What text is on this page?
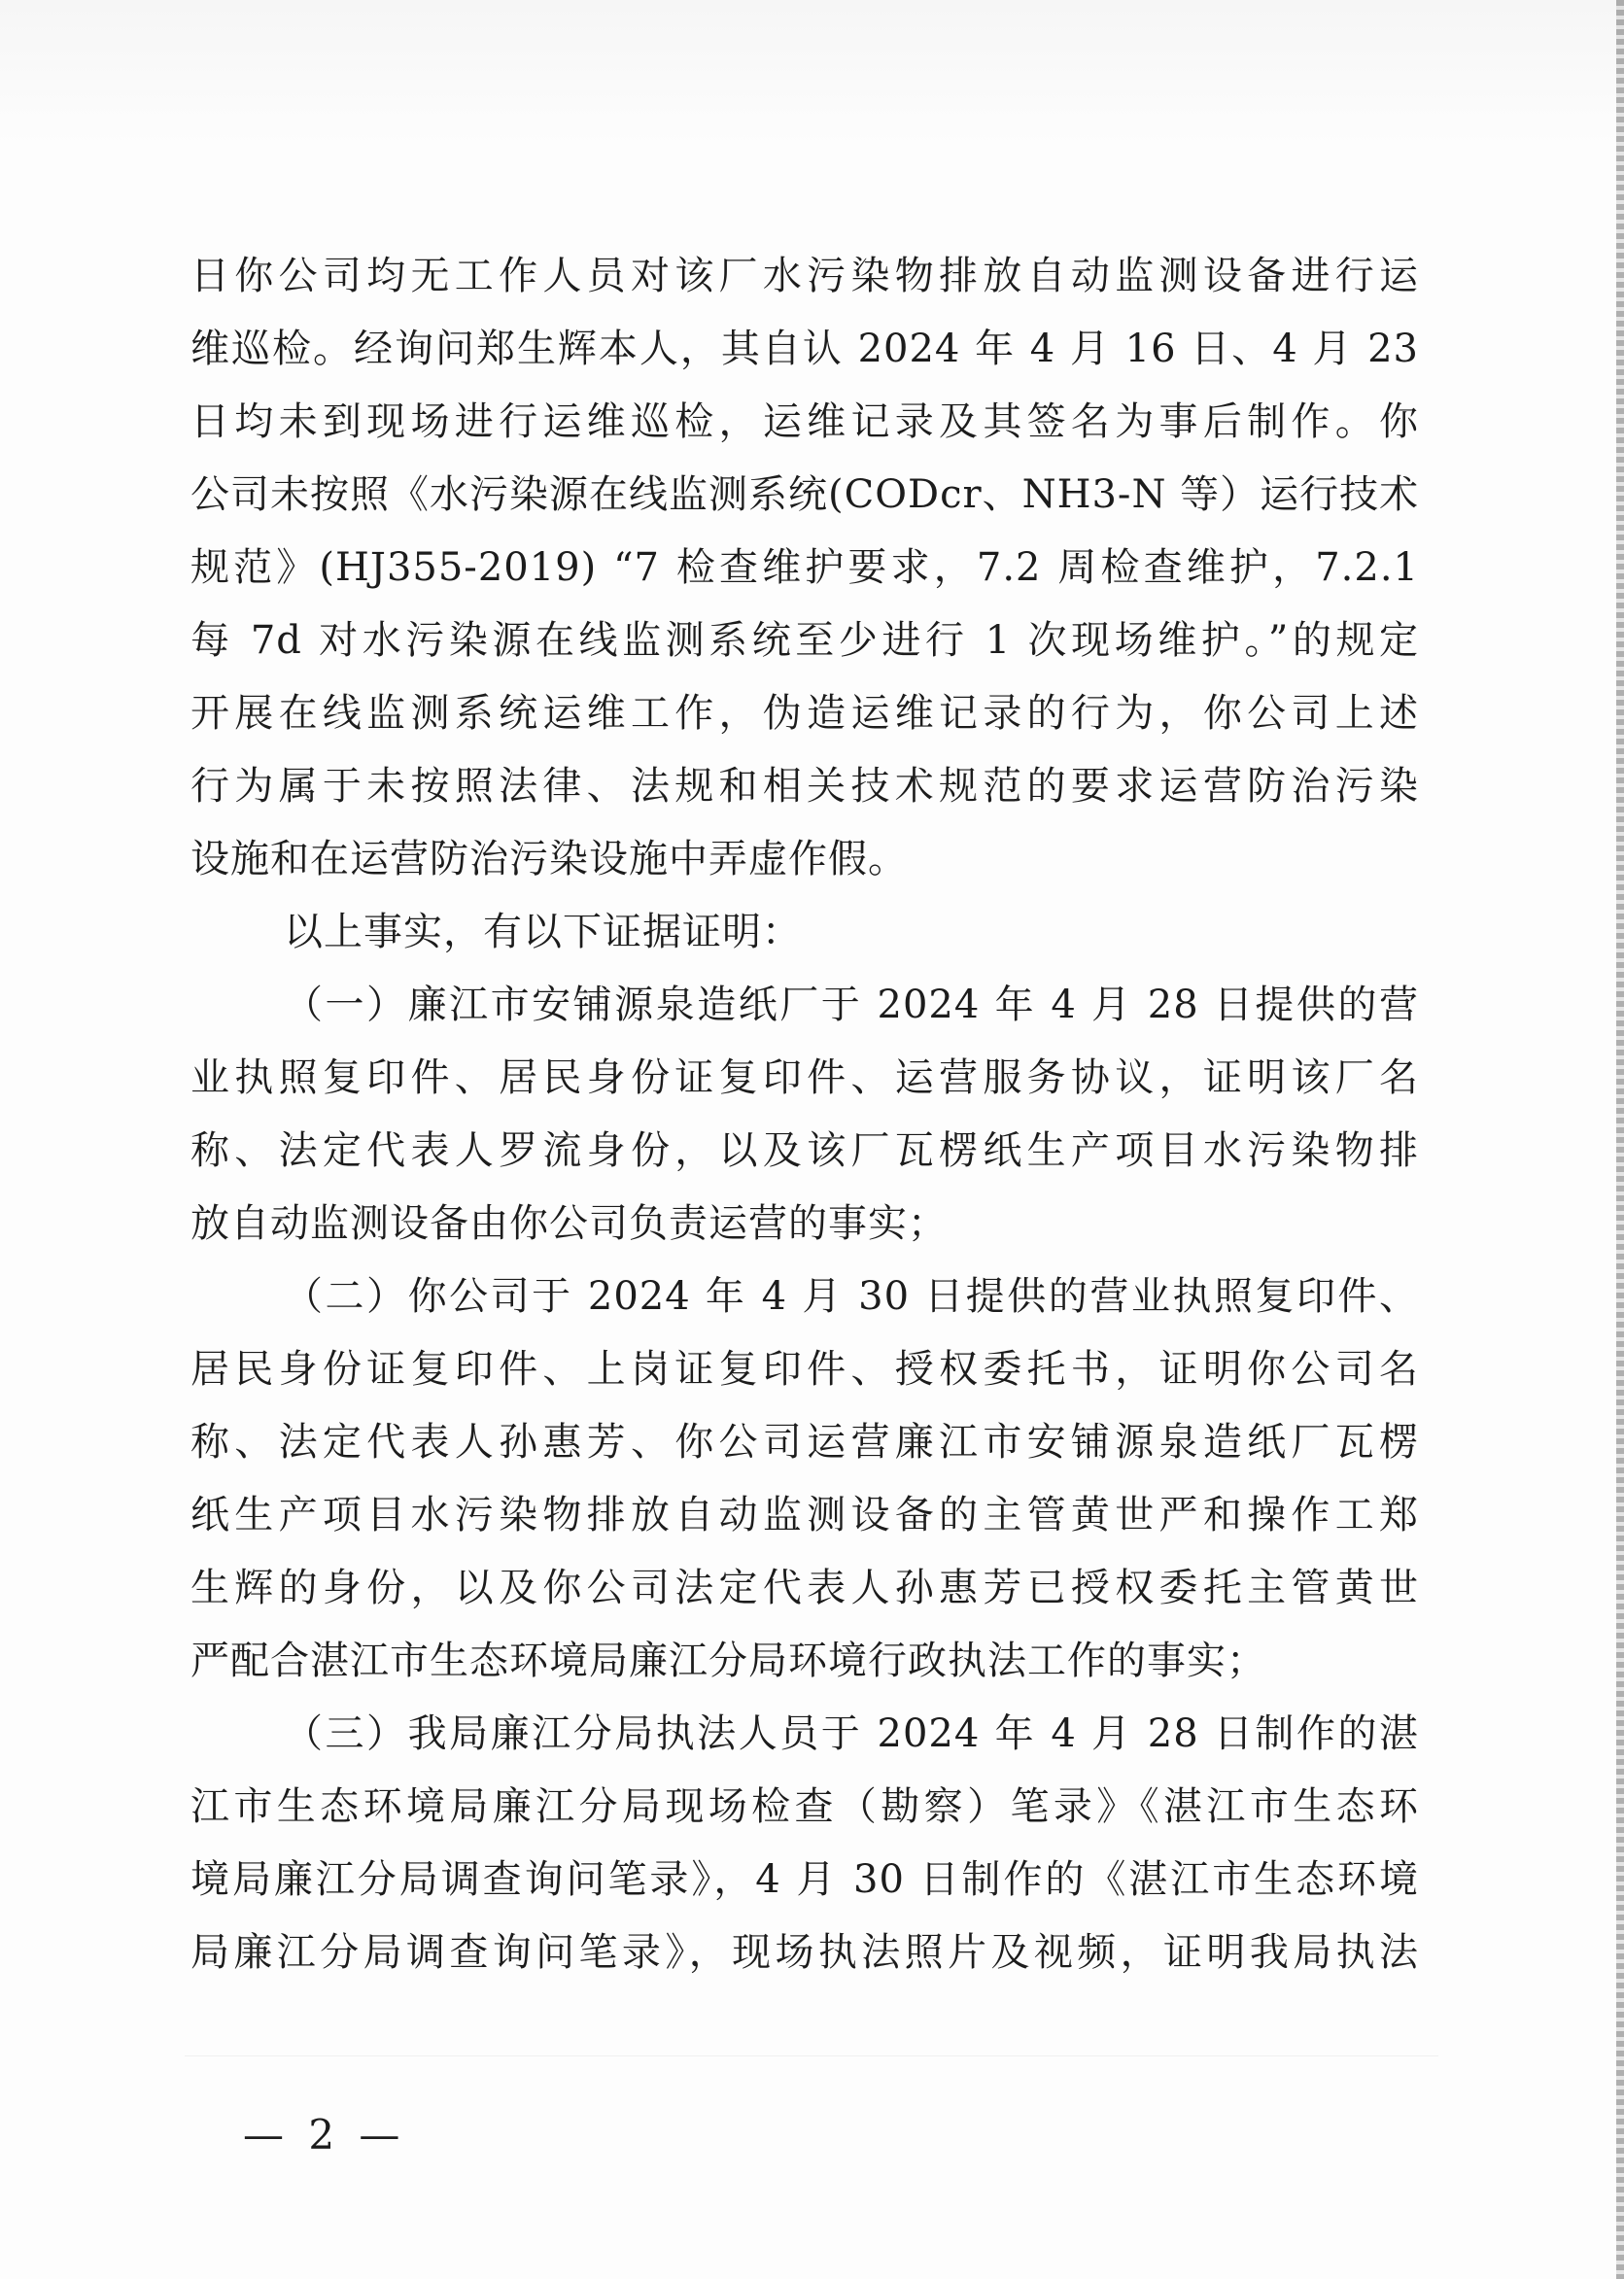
日你公司均无工作人员对该厂水污染物排放自动监测设备进行运
维巡检。经询问郑生辉本人，其自认 2024 年 4 月 16 日、4 月 23
日均未到现场进行运维巡检，运维记录及其签名为事后制作。你
公司未按照《水污染源在线监测系统(CODcr、NH3-N 等）运行技术
规范》(HJ355-2019) “7 检查维护要求，7.2 周检查维护，7.2.1
每 7d 对水污染源在线监测系统至少进行 1 次现场维护。”的规定
开展在线监测系统运维工作，伪造运维记录的行为，你公司上述
行为属于未按照法律、法规和相关技术规范的要求运营防治污染
设施和在运营防治污染设施中弄虚作假。
以上事实，有以下证据证明：
（一）廉江市安铺源泉造纸厂于 2024 年 4 月 28 日提供的营
业执照复印件、居民身份证复印件、运营服务协议，证明该厂名
称、法定代表人罗流身份，以及该厂瓦楞纸生产项目水污染物排
放自动监测设备由你公司负责运营的事实；
（二）你公司于 2024 年 4 月 30 日提供的营业执照复印件、
居民身份证复印件、上岗证复印件、授权委托书，证明你公司名
称、法定代表人孙惠芳、你公司运营廉江市安铺源泉造纸厂瓦楞
纸生产项目水污染物排放自动监测设备的主管黄世严和操作工郑
生辉的身份，以及你公司法定代表人孙惠芳已授权委托主管黄世
严配合湛江市生态环境局廉江分局环境行政执法工作的事实；
（三）我局廉江分局执法人员于 2024 年 4 月 28 日制作的湛
江市生态环境局廉江分局现场检查（勘察）笔录》《湛江市生态环
境局廉江分局调查询问笔录》，4 月 30 日制作的《湛江市生态环境
局廉江分局调查询问笔录》，现场执法照片及视频，证明我局执法
— 2 —
